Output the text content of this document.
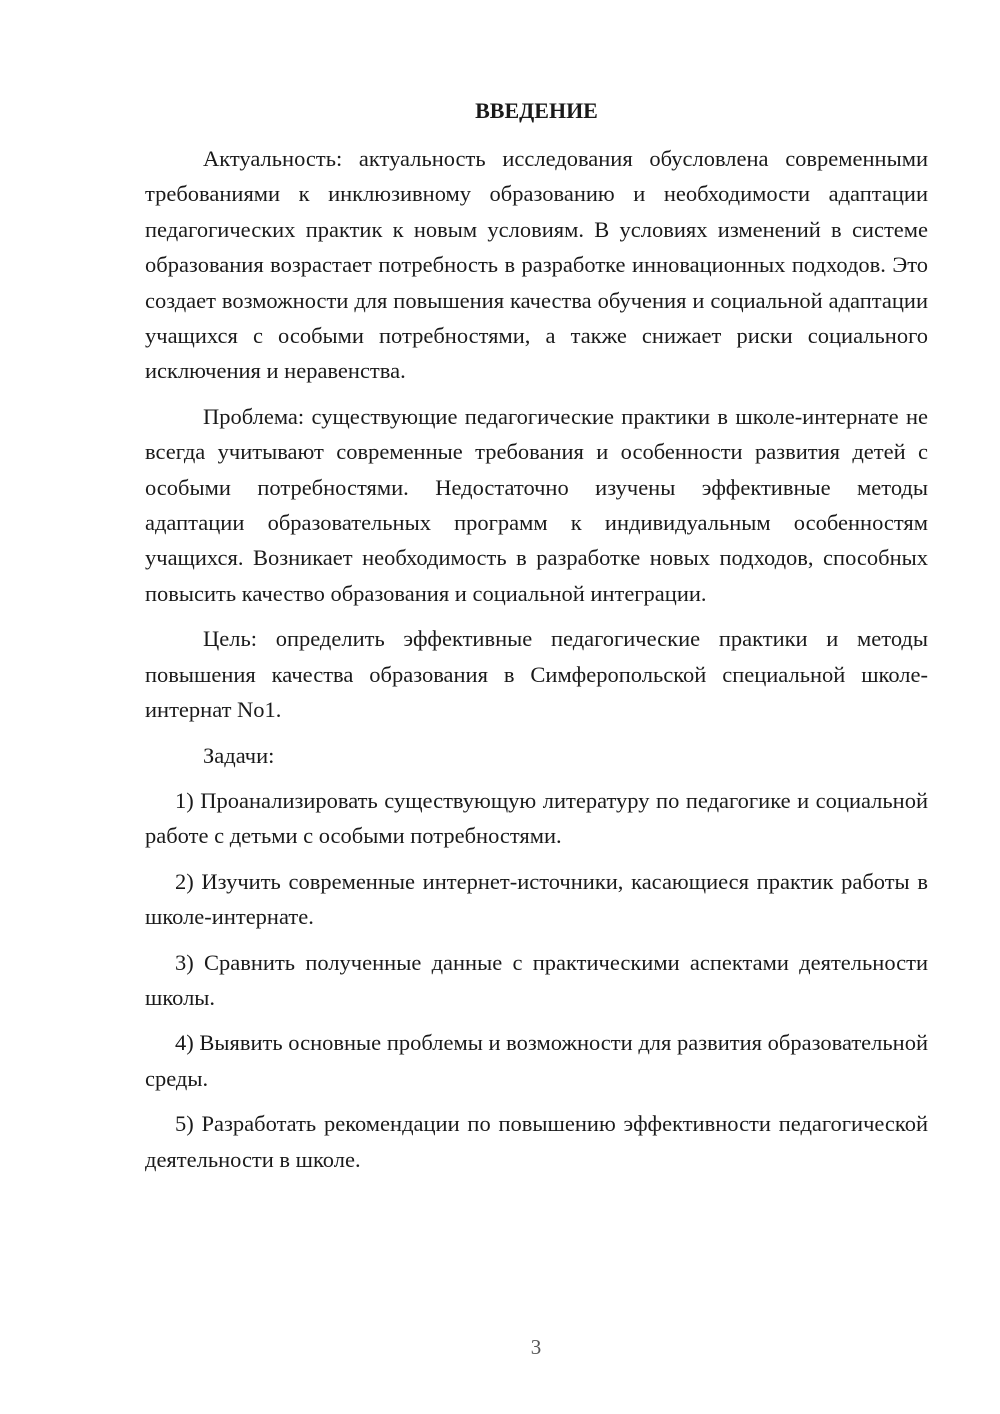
ВВЕДЕНИЕ

Актуальность: актуальность исследования обусловлена современными требованиями к инклюзивному образованию и необходимости адаптации педагогических практик к новым условиям. В условиях изменений в системе образования возрастает потребность в разработке инновационных подходов. Это создает возможности для повышения качества обучения и социальной адаптации учащихся с особыми потребностями, а также снижает риски социального исключения и неравенства.

Проблема: существующие педагогические практики в школе-интернате не всегда учитывают современные требования и особенности развития детей с особыми потребностями. Недостаточно изучены эффективные методы адаптации образовательных программ к индивидуальным особенностям учащихся. Возникает необходимость в разработке новых подходов, способных повысить качество образования и социальной интеграции.

Цель: определить эффективные педагогические практики и методы повышения качества образования в Симферопольской специальной школе-интернат No1.

Задачи:

1) Проанализировать существующую литературу по педагогике и социальной работе с детьми с особыми потребностями.

2) Изучить современные интернет-источники, касающиеся практик работы в школе-интернате.

3) Сравнить полученные данные с практическими аспектами деятельности школы.

4) Выявить основные проблемы и возможности для развития образовательной среды.

5) Разработать рекомендации по повышению эффективности педагогической деятельности в школе.

3
